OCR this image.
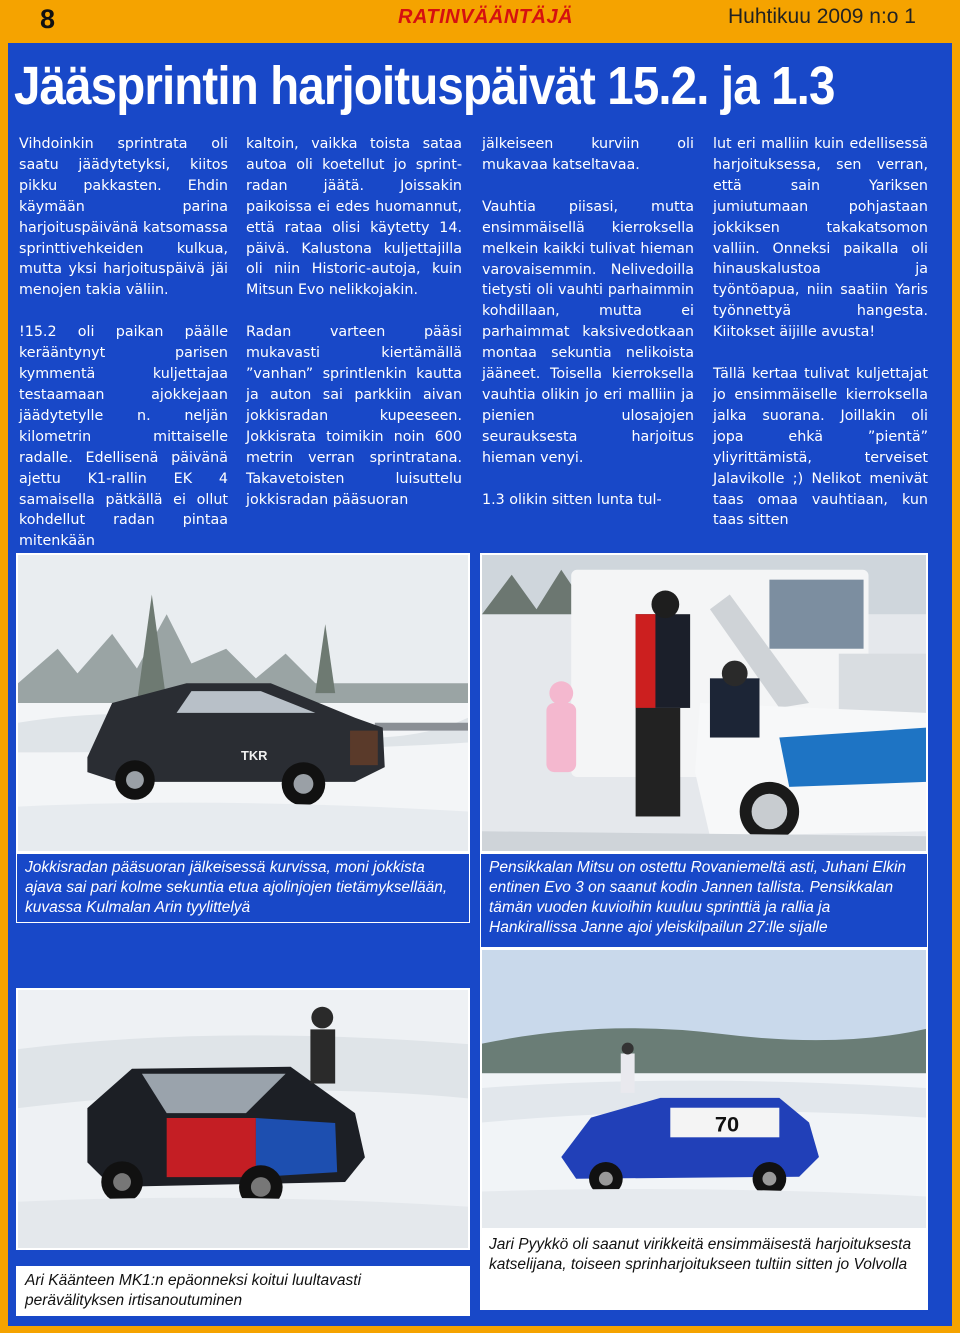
8	RATINVÄÄNTÄJÄ	Huhtikuu 2009 n:o 1
Jääsprintin harjoituspäivät 15.2. ja 1.3

Vihdoinkin sprintrata oli saatu jäädytetyksi, kiitos pikku pakkasten. Ehdin käymään parina harjoituspäivänä katsomassa sprinttivehkeiden kulkua, mutta yksi harjoituspäivä jäi menojen takia väliin.

!15.2 oli paikan päälle kerääntynyt parisen kymmentä kuljettajaa testaamaan ajokkejaan jäädytetylle n. neljän kilometrin mittaiselle radalle. Edellisenä päivänä ajettu K1-rallin EK 4 samaisella pätkällä ei ollut kohdellut radan pintaa mitenkään

kaltoin, vaikka toista sataa autoa oli koetellut jo sprint-radan jäätä. Joissakin paikoissa ei edes huomannut, että rataa olisi käytetty 14. päivä. Kalustona kuljettajilla oli niin Historic-autoja, kuin Mitsun Evo nelikkojakin.

Radan varteen pääsi mukavasti kiertämällä ”vanhan” sprintlenkin kautta ja auton sai parkkiin aivan jokkisradan kupeeseen. Jokkisrata toimikin noin 600 metrin verran sprintratana. Takavetoisten luisuttelu jokkisradan pääsuoran

jälkeiseen kurviin oli mukavaa katseltavaa.

Vauhtia piisasi, mutta ensimmäisellä kierroksella melkein kaikki tulivat hieman varovaisemmin. Nelivedoilla tietysti oli vauhti parhaimmin kohdillaan, mutta ei parhaimmat kaksivedotkaan montaa sekuntia nelikoista jääneet. Toisella kierroksella vauhtia olikin jo eri malliin ja pienien ulosajojen seurauksesta harjoitus hieman venyi.

1.3 olikin sitten lunta tul-

lut eri malliin kuin edellisessä harjoituksessa, sen verran, että sain Yariksen jumiutumaan pohjastaan jokkiksen takakatsomon valliin. Onneksi paikalla oli hinauskalustoa ja työntöapua, niin saatiin Yaris työnnettyä hangesta. Kiitokset äijille avusta!

Tällä kertaa tulivat kuljettajat jo ensimmäiselle kierroksella jalka suorana. Joillakin oli jopa ehkä ”pientä” yliyrittämistä, terveiset Jalavikolle ;) Nelikot menivät taas omaa vauhtiaan, kun taas sitten

TKR
Jokkisradan pääsuoran jälkeisessä kurvissa, moni jokkista ajava sai pari kolme sekuntia etua ajolinjojen tietämyksellään, kuvassa Kulmalan Arin tyylittelyä
Pensikkalan Mitsu on ostettu Rovaniemeltä asti, Juhani Elkin entinen Evo 3 on saanut kodin Jannen tallista. Pensikkalan tämän vuoden kuvioihin kuuluu sprinttiä ja rallia ja Hankirallissa Janne ajoi yleiskilpailun 27:lle sijalle
Ari Käänteen MK1:n epäonneksi koitui luultavasti perävälityksen irtisanoutuminen
70
Jari Pyykkö oli saanut virikkeitä ensimmäisestä harjoituksesta katselijana, toiseen sprinharjoitukseen tultiin sitten jo Volvolla
